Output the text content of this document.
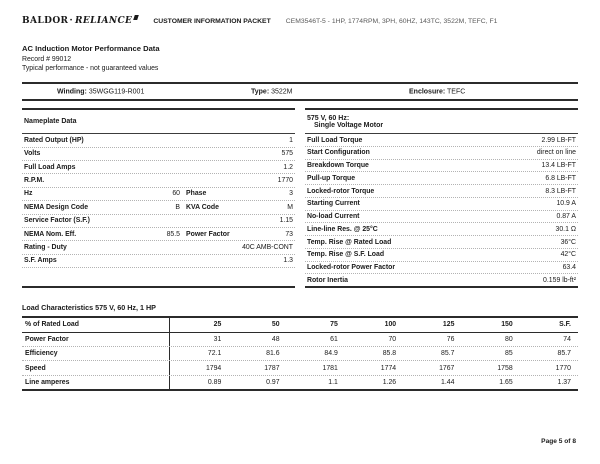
BALDOR · RELIANCE	CUSTOMER INFORMATION PACKET CEM3546T-5 - 1HP, 1774RPM, 3PH, 60HZ, 143TC, 3522M, TEFC, F1
AC Induction Motor Performance Data
Record # 99012
Typical performance - not guaranteed values
Winding: 35WGG119-R001	Type: 3522M	Enclosure: TEFC
Nameplate Data
Rated Output (HP)	1
Volts	575
Full Load Amps	1.2
R.P.M.	1770
Hz	60 Phase	3
NEMA Design Code	B KVA Code	M
Service Factor (S.F.)	1.15
NEMA Nom. Eff.	85.5 Power Factor	73
Rating - Duty	40C AMB-CONT
S.F. Amps	1.3
575 V, 60 Hz:
Single Voltage Motor
Full Load Torque	2.99 LB-FT
Start Configuration	direct on line
Breakdown Torque	13.4 LB-FT
Pull-up Torque	6.8 LB-FT
Locked-rotor Torque	8.3 LB-FT
Starting Current	10.9 A
No-load Current	0.87 A
Line-line Res. @ 25°C	30.1 Ω
Temp. Rise @ Rated Load	36°C
Temp. Rise @ S.F. Load	42°C
Locked-rotor Power Factor	63.4
Rotor Inertia	0.159 lb-ft²
Load Characteristics 575 V, 60 Hz, 1 HP
% of Rated Load	25	50	75	100	125	150	S.F.
Power Factor	31	48	61	70	76	80	74
Efficiency	72.1	81.6	84.9	85.8	85.7	85	85.7
Speed	1794	1787	1781	1774	1767	1758	1770
Line amperes	0.89	0.97	1.1	1.26	1.44	1.65	1.37
Page 5 of 8
